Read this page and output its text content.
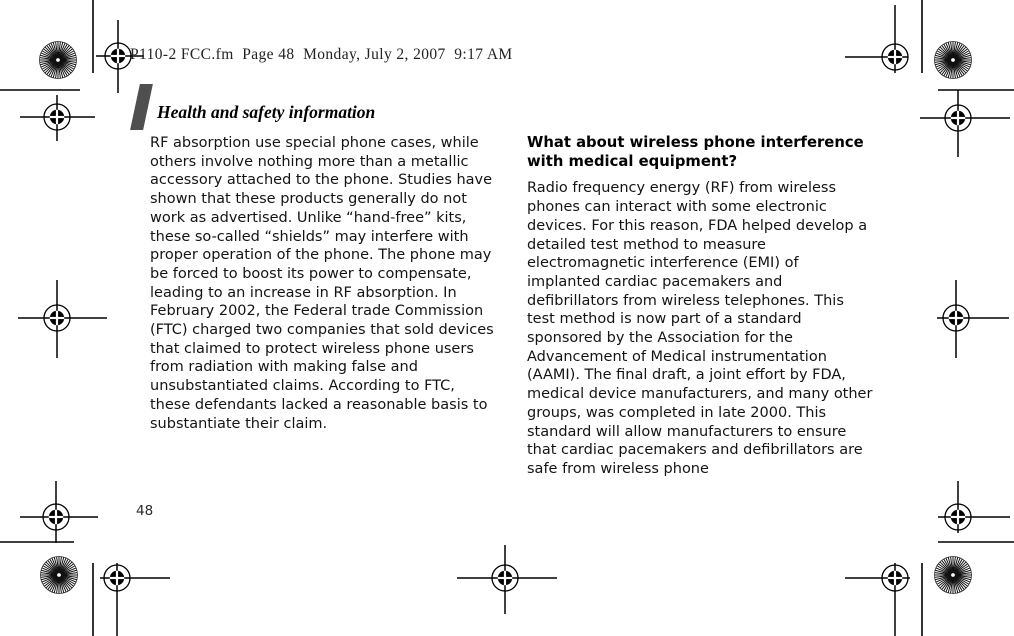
P110-2 FCC.fm  Page 48  Monday, July 2, 2007  9:17 AM
Health and safety information

RF absorption use special phone cases, while others involve nothing more than a metallic accessory attached to the phone. Studies have shown that these products generally do not work as advertised. Unlike “hand-free” kits, these so-called “shields” may interfere with proper operation of the phone. The phone may be forced to boost its power to compensate, leading to an increase in RF absorption. In February 2002, the Federal trade Commission (FTC) charged two companies that sold devices that claimed to protect wireless phone users from radiation with making false and unsubstantiated claims. According to FTC, these defendants lacked a reasonable basis to substantiate their claim.

What about wireless phone interference with medical equipment?

Radio frequency energy (RF) from wireless phones can interact with some electronic devices. For this reason, FDA helped develop a detailed test method to measure electromagnetic interference (EMI) of implanted cardiac pacemakers and defibrillators from wireless telephones. This test method is now part of a standard sponsored by the Association for the Advancement of Medical instrumentation (AAMI). The final draft, a joint effort by FDA, medical device manufacturers, and many other groups, was completed in late 2000. This standard will allow manufacturers to ensure that cardiac pacemakers and defibrillators are safe from wireless phone

48
